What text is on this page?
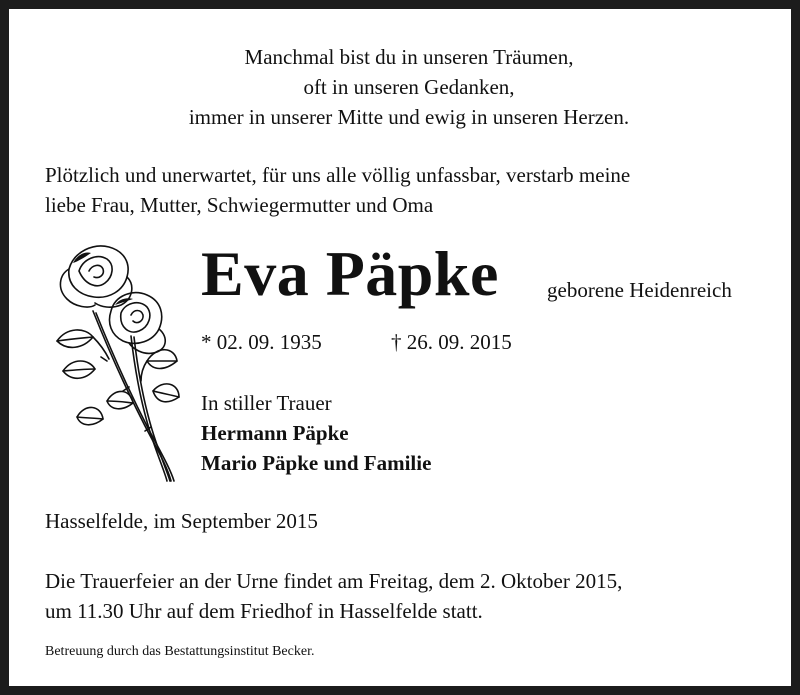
Manchmal bist du in unseren Träumen,
oft in unseren Gedanken,
immer in unserer Mitte und ewig in unseren Herzen.
Plötzlich und unerwartet, für uns alle völlig unfassbar, verstarb meine
liebe Frau, Mutter, Schwiegermutter und Oma
Eva Päpke geborene Heidenreich
* 02. 09. 1935	† 26. 09. 2015
In stiller Trauer
Hermann Päpke
Mario Päpke und Familie
Hasselfelde, im September 2015
Die Trauerfeier an der Urne findet am Freitag, dem 2. Oktober 2015,
um 11.30 Uhr auf dem Friedhof in Hasselfelde statt.
Betreuung durch das Bestattungsinstitut Becker.
